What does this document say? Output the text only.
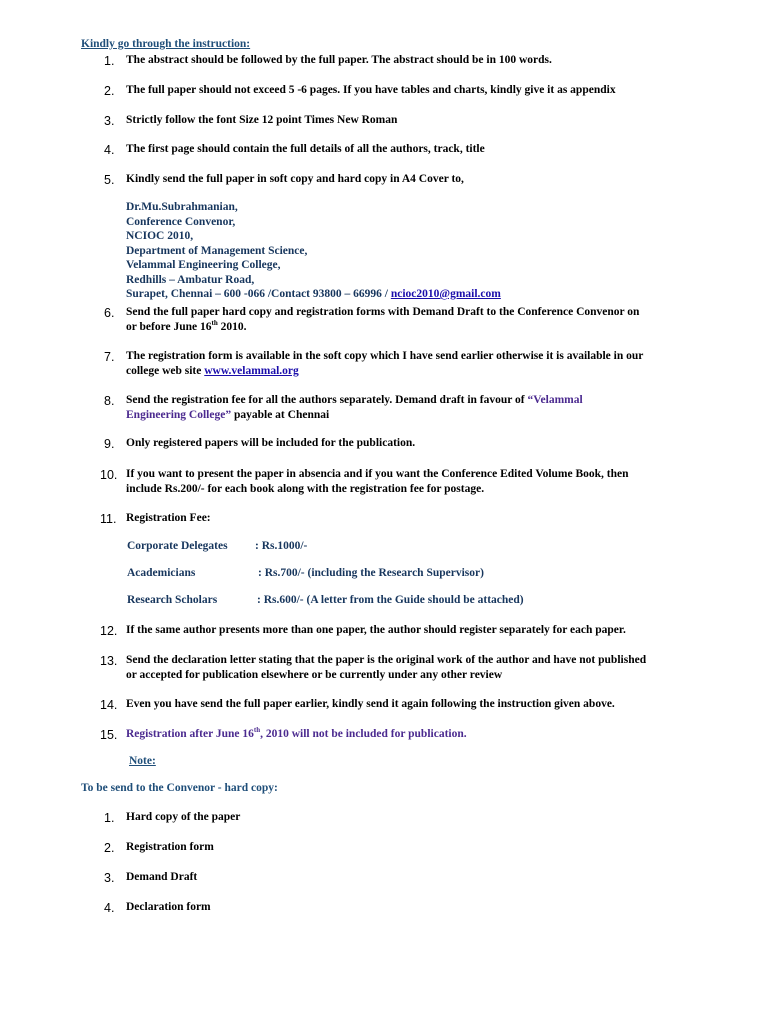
Kindly go through the instruction:
1.	The abstract should be followed by the full paper. The abstract should be in 100 words.
2.	The full paper should not exceed 5 -6 pages. If you have tables and charts, kindly give it as appendix
3.	Strictly follow the font Size 12 point Times New Roman
4.	The first page should contain the full details of all the authors, track, title
5.	Kindly send the full paper in soft copy and hard copy in A4 Cover to,
Dr.Mu.Subrahmanian,
Conference Convenor,
NCIOC 2010,
Department of Management Science,
Velammal Engineering College,
Redhills – Ambatur Road,
Surapet, Chennai – 600 -066 /Contact 93800 – 66996 / ncioc2010@gmail.com
6.	Send the full paper hard copy and registration forms with Demand Draft to the Conference Convenor on
or before June 16th 2010.
7.	The registration form is available in the soft copy which I have send earlier otherwise it is available in our
college web site www.velammal.org
8.	Send the registration fee for all the authors separately. Demand draft in favour of “Velammal
Engineering College” payable at Chennai
9.	Only registered papers will be included for the publication.
10. If you want to present the paper in absencia and if you want the Conference Edited Volume Book, then
include Rs.200/- for each book along with the registration fee for postage.
11. Registration Fee:
Corporate Delegates : Rs.1000/-
Academicians	: Rs.700/- (including the Research Supervisor)
Research Scholars	: Rs.600/- (A letter from the Guide should be attached)
12. If the same author presents more than one paper, the author should register separately for each paper.
13. Send the declaration letter stating that the paper is the original work of the author and have not published
or accepted for publication elsewhere or be currently under any other review
14. Even you have send the full paper earlier, kindly send it again following the instruction given above.
15. Registration after June 16th, 2010 will not be included for publication.
Note:
To be send to the Convenor - hard copy:
1.	Hard copy of the paper
2.	Registration form
3.	Demand Draft
4.	Declaration form
